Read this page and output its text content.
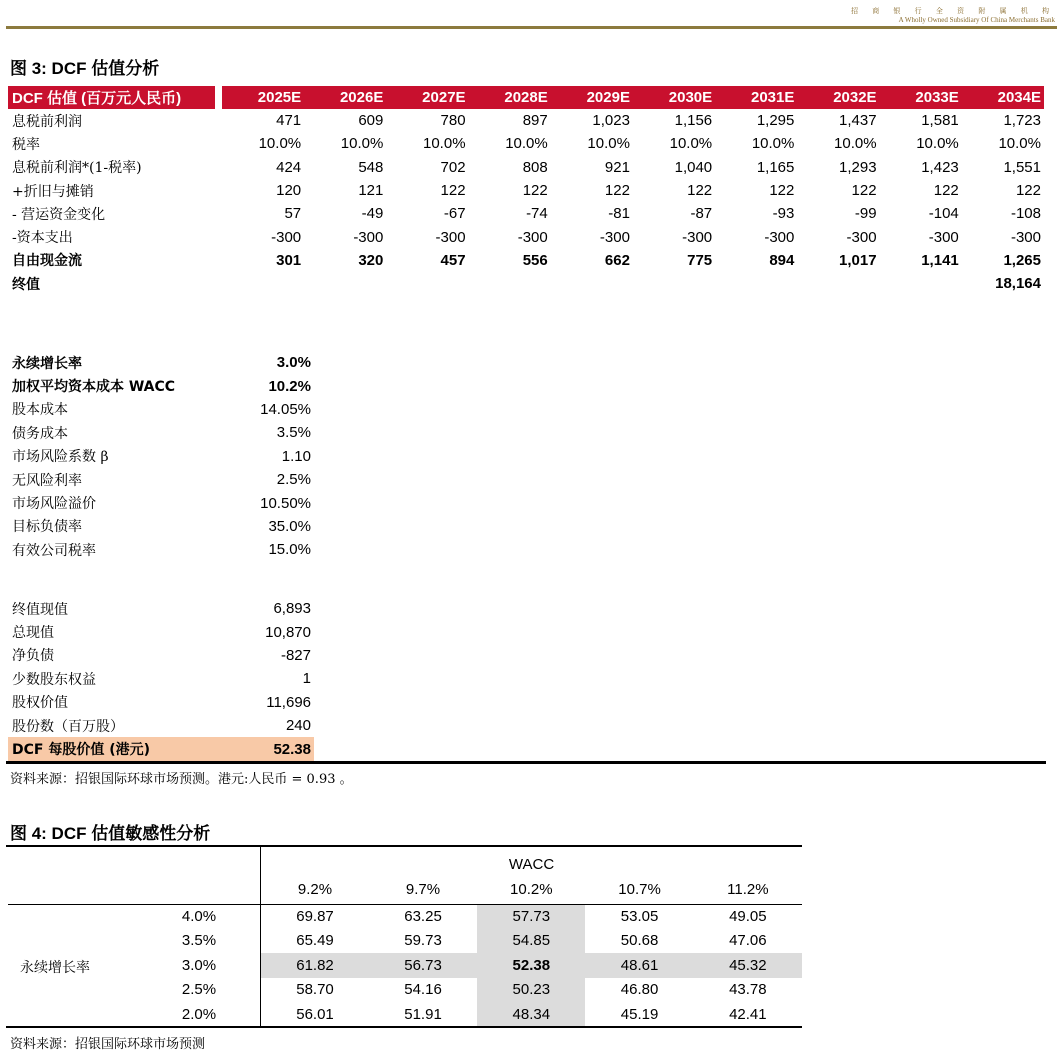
招 商 银 行 全 资 附 属 机 构
A Wholly Owned Subsidiary Of China Merchants Bank
图 3: DCF 估值分析
DCF 估值 (百万元人民币)		2025E	2026E	2027E	2028E	2029E	2030E	2031E	2032E	2033E	2034E
息税前利润		471	609	780	897	1,023	1,156	1,295	1,437	1,581	1,723
税率		10.0%	10.0%	10.0%	10.0%	10.0%	10.0%	10.0%	10.0%	10.0%	10.0%
息税前利润*(1-税率)		424	548	702	808	921	1,040	1,165	1,293	1,423	1,551
+折旧与摊销		120	121	122	122	122	122	122	122	122	122
- 营运资金变化		57	-49	-67	-74	-81	-87	-93	-99	-104	-108
-资本支出		-300	-300	-300	-300	-300	-300	-300	-300	-300	-300
自由现金流		301	320	457	556	662	775	894	1,017	1,141	1,265
终值											18,164
永续增长率	3.0%
加权平均资本成本 WACC	10.2%
股本成本	14.05%
债务成本	3.5%
市场风险系数 β	1.10
无风险利率	2.5%
市场风险溢价	10.50%
目标负债率	35.0%
有效公司税率	15.0%
终值现值	6,893
总现值	10,870
净负债	-827
少数股东权益	1
股权价值	11,696
股份数（百万股）	240
DCF 每股价值 (港元)	52.38
资料来源：招银国际环球市场预测。港元:人民币 = 0.93 。
图 4: DCF 估值敏感性分析
	WACC				
	9.2%	9.7%	10.2%	10.7%	11.2%
4.0%	69.87	63.25	57.73	53.05	49.05
3.5%	65.49	59.73	54.85	50.68	47.06

永续增长率 3.0%	61.82	56.73	52.38	48.61	45.32
2.5%	58.70	54.16	50.23	46.80	43.78
2.0%	56.01	51.91	48.34	45.19	42.41
资料来源：招银国际环球市场预测
